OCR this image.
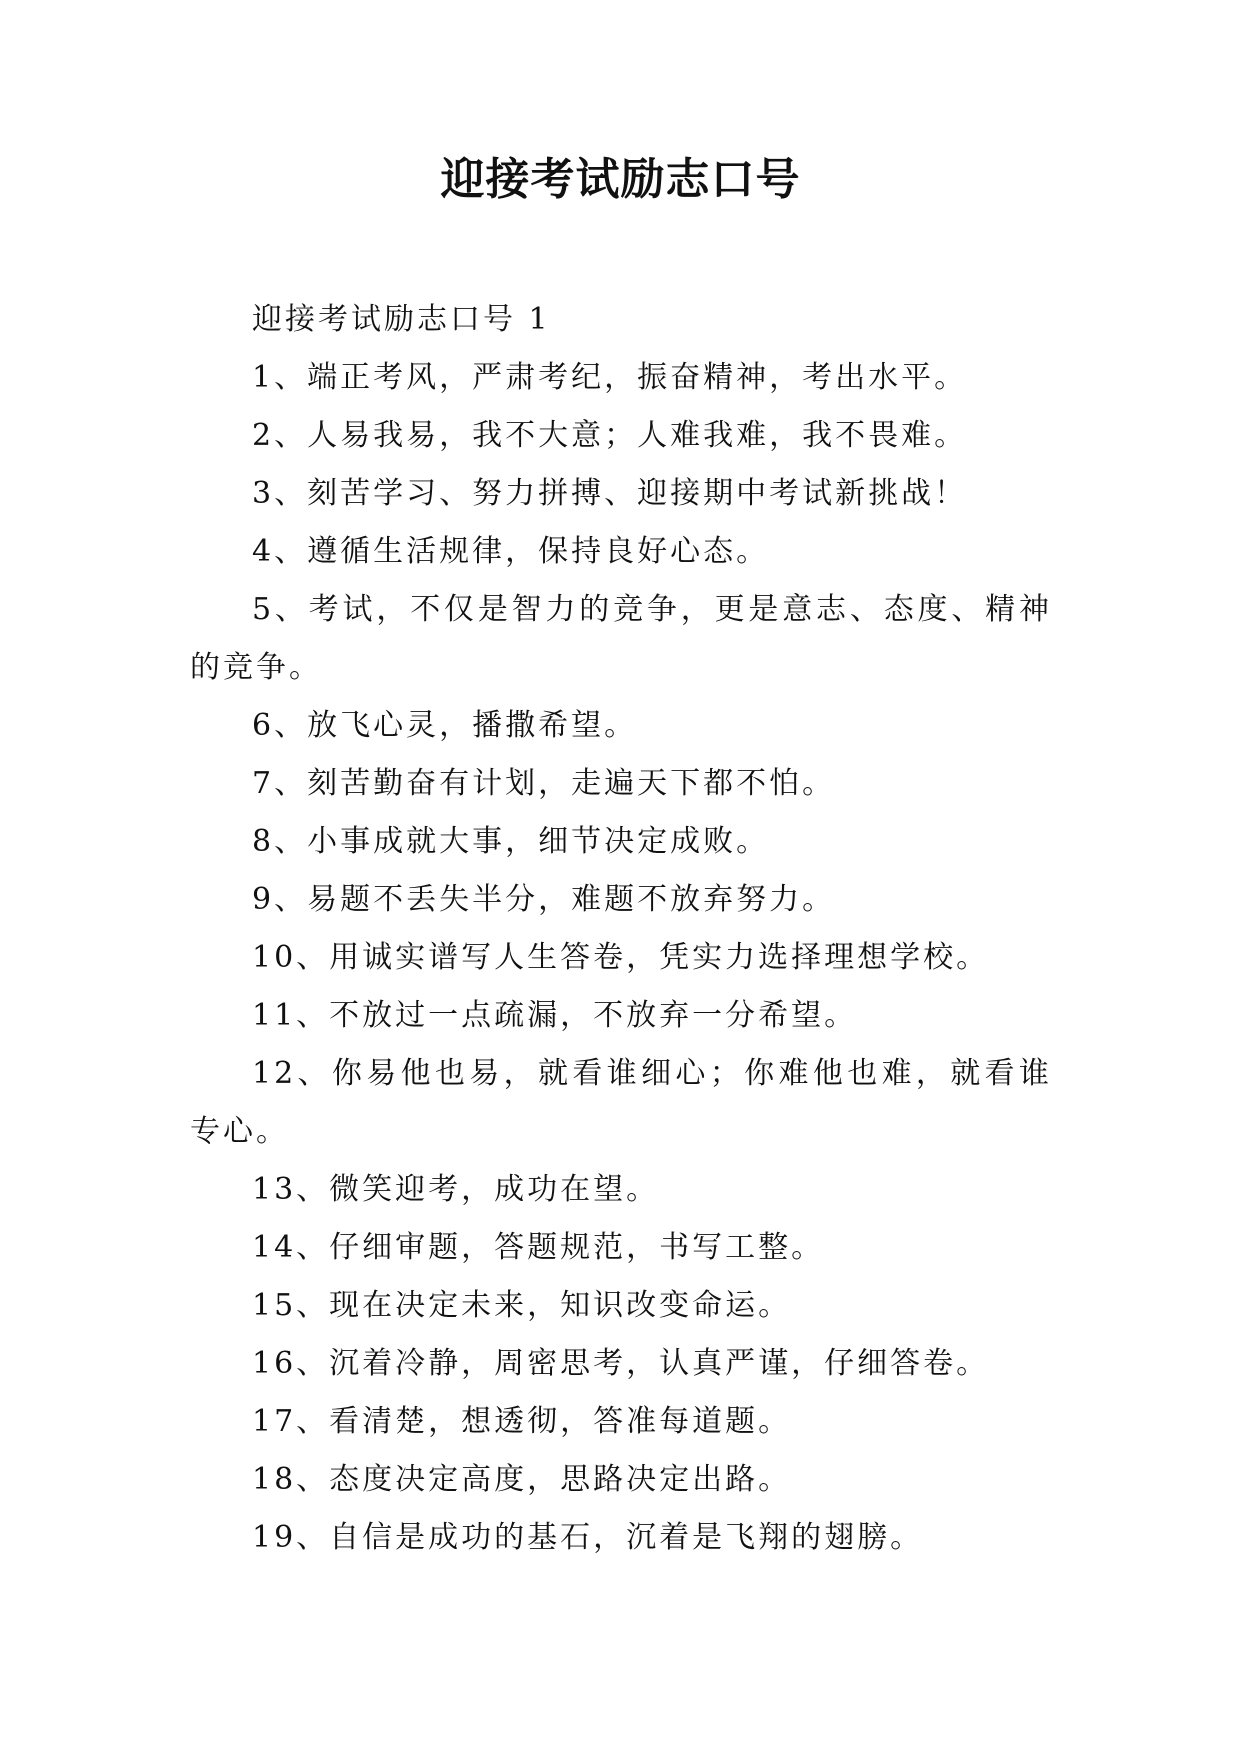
迎接考试励志口号

迎接考试励志口号 1

1、端正考风，严肃考纪，振奋精神，考出水平。

2、人易我易，我不大意；人难我难，我不畏难。

3、刻苦学习、努力拼搏、迎接期中考试新挑战！

4、遵循生活规律，保持良好心态。

5、考试，不仅是智力的竞争，更是意志、态度、精神的竞争。

6、放飞心灵，播撒希望。

7、刻苦勤奋有计划，走遍天下都不怕。

8、小事成就大事，细节决定成败。

9、易题不丢失半分，难题不放弃努力。

10、用诚实谱写人生答卷，凭实力选择理想学校。

11、不放过一点疏漏，不放弃一分希望。

12、你易他也易，就看谁细心；你难他也难，就看谁专心。

13、微笑迎考，成功在望。

14、仔细审题，答题规范，书写工整。

15、现在决定未来，知识改变命运。

16、沉着冷静，周密思考，认真严谨，仔细答卷。

17、看清楚，想透彻，答准每道题。

18、态度决定高度，思路决定出路。

19、自信是成功的基石，沉着是飞翔的翅膀。
